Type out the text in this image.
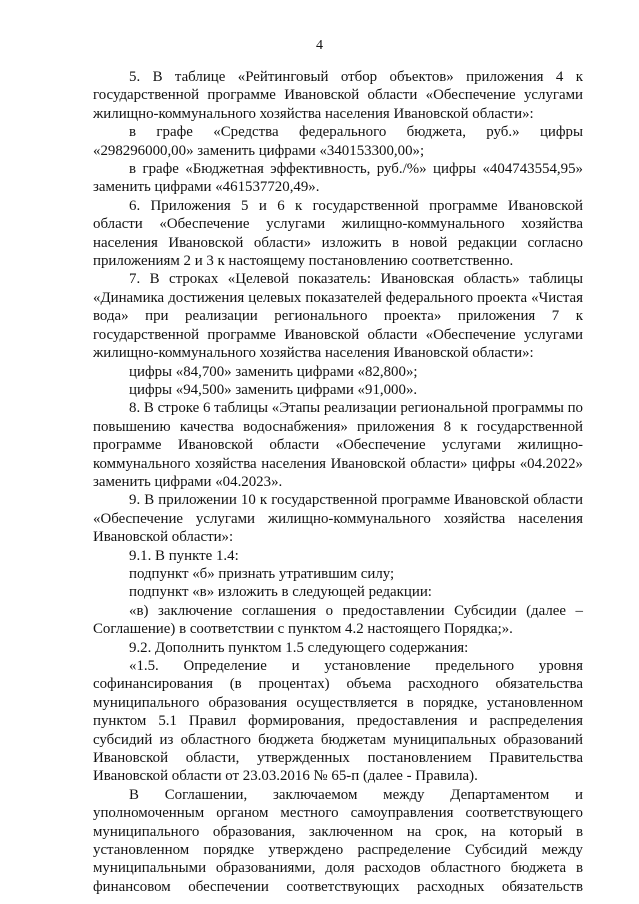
4

5. В таблице «Рейтинговый отбор объектов» приложения 4 к государственной программе Ивановской области «Обеспечение услугами жилищно-коммунального хозяйства населения Ивановской области»:

в графе «Средства федерального бюджета, руб.» цифры «298296000,00» заменить цифрами «340153300,00»;

в графе «Бюджетная эффективность, руб./%» цифры «404743554,95» заменить цифрами «461537720,49».

6. Приложения 5 и 6 к государственной программе Ивановской области «Обеспечение услугами жилищно-коммунального хозяйства населения Ивановской области» изложить в новой редакции согласно приложениям 2 и 3 к настоящему постановлению соответственно.

7. В строках «Целевой показатель: Ивановская область» таблицы «Динамика достижения целевых показателей федерального проекта «Чистая вода» при реализации регионального проекта» приложения 7 к государственной программе Ивановской области «Обеспечение услугами жилищно-коммунального хозяйства населения Ивановской области»:

цифры «84,700» заменить цифрами «82,800»;

цифры «94,500» заменить цифрами «91,000».

8. В строке 6 таблицы «Этапы реализации региональной программы по повышению качества водоснабжения» приложения 8 к государственной программе Ивановской области «Обеспечение услугами жилищно-коммунального хозяйства населения Ивановской области» цифры «04.2022» заменить цифрами «04.2023».

9. В приложении 10 к государственной программе Ивановской области «Обеспечение услугами жилищно-коммунального хозяйства населения Ивановской области»:

9.1. В пункте 1.4:

подпункт «б» признать утратившим силу;

подпункт «в» изложить в следующей редакции:

«в) заключение соглашения о предоставлении Субсидии (далее – Соглашение) в соответствии с пунктом 4.2 настоящего Порядка;».

9.2. Дополнить пунктом 1.5 следующего содержания:

«1.5. Определение и установление предельного уровня софинансирования (в процентах) объема расходного обязательства муниципального образования осуществляется в порядке, установленном пунктом 5.1 Правил формирования, предоставления и распределения субсидий из областного бюджета бюджетам муниципальных образований Ивановской области, утвержденных постановлением Правительства Ивановской области от 23.03.2016 № 65-п (далее - Правила).

В Соглашении, заключаемом между Департаментом и уполномоченным органом местного самоуправления соответствующего муниципального образования, заключенном на срок, на который в установленном порядке утверждено распределение Субсидий между муниципальными образованиями, доля расходов областного бюджета в финансовом обеспечении соответствующих расходных обязательств
